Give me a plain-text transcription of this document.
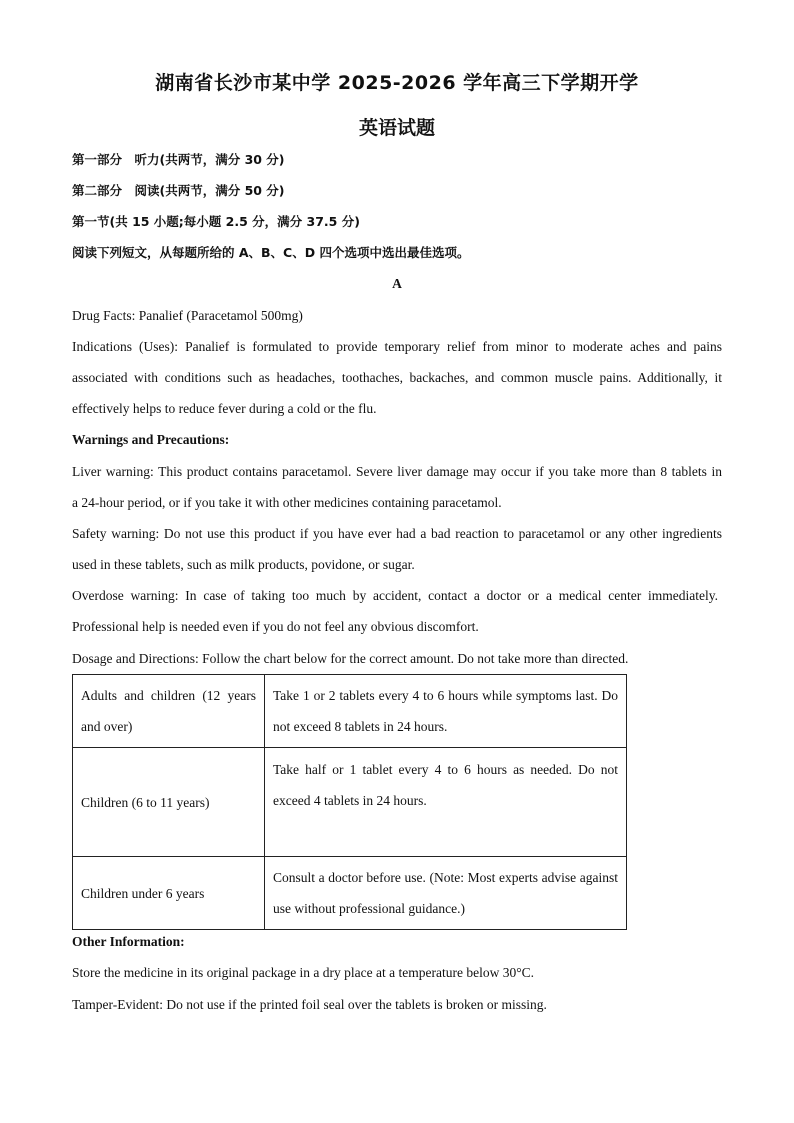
湖南省长沙市某中学 2025-2026 学年高三下学期开学
英语试题
第一部分　听力(共两节，满分 30 分)
第二部分　阅读(共两节，满分 50 分)
第一节(共 15 小题;每小题 2.5 分，满分 37.5 分)
阅读下列短文，从每题所给的 A、B、C、D 四个选项中选出最佳选项。
A
Drug Facts: Panalief (Paracetamol 500mg)
Indications (Uses): Panalief is formulated to provide temporary relief from minor to moderate aches and pains
associated with conditions such as headaches, toothaches, backaches, and common muscle pains. Additionally, it
effectively helps to reduce fever during a cold or the flu.
Warnings and Precautions:
Liver warning: This product contains paracetamol. Severe liver damage may occur if you take more than 8 tablets in
a 24-hour period, or if you take it with other medicines containing paracetamol.
Safety warning: Do not use this product if you have ever had a bad reaction to paracetamol or any other ingredients
used in these tablets, such as milk products, povidone, or sugar.
Overdose warning: In case of taking too much by accident, contact a doctor or a medical center immediately.
Professional help is needed even if you do not feel any obvious discomfort.
Dosage and Directions: Follow the chart below for the correct amount. Do not take more than directed.
Adults and children (12 years and over)	Take 1 or 2 tablets every 4 to 6 hours while symptoms last. Do not exceed 8 tablets in 24 hours.
Children (6 to 11 years)	Take half or 1 tablet every 4 to 6 hours as needed. Do not exceed 4 tablets in 24 hours.
Children under 6 years	Consult a doctor before use. (Note: Most experts advise against use without professional guidance.)
Other Information:
Store the medicine in its original package in a dry place at a temperature below 30°C.
Tamper-Evident: Do not use if the printed foil seal over the tablets is broken or missing.
